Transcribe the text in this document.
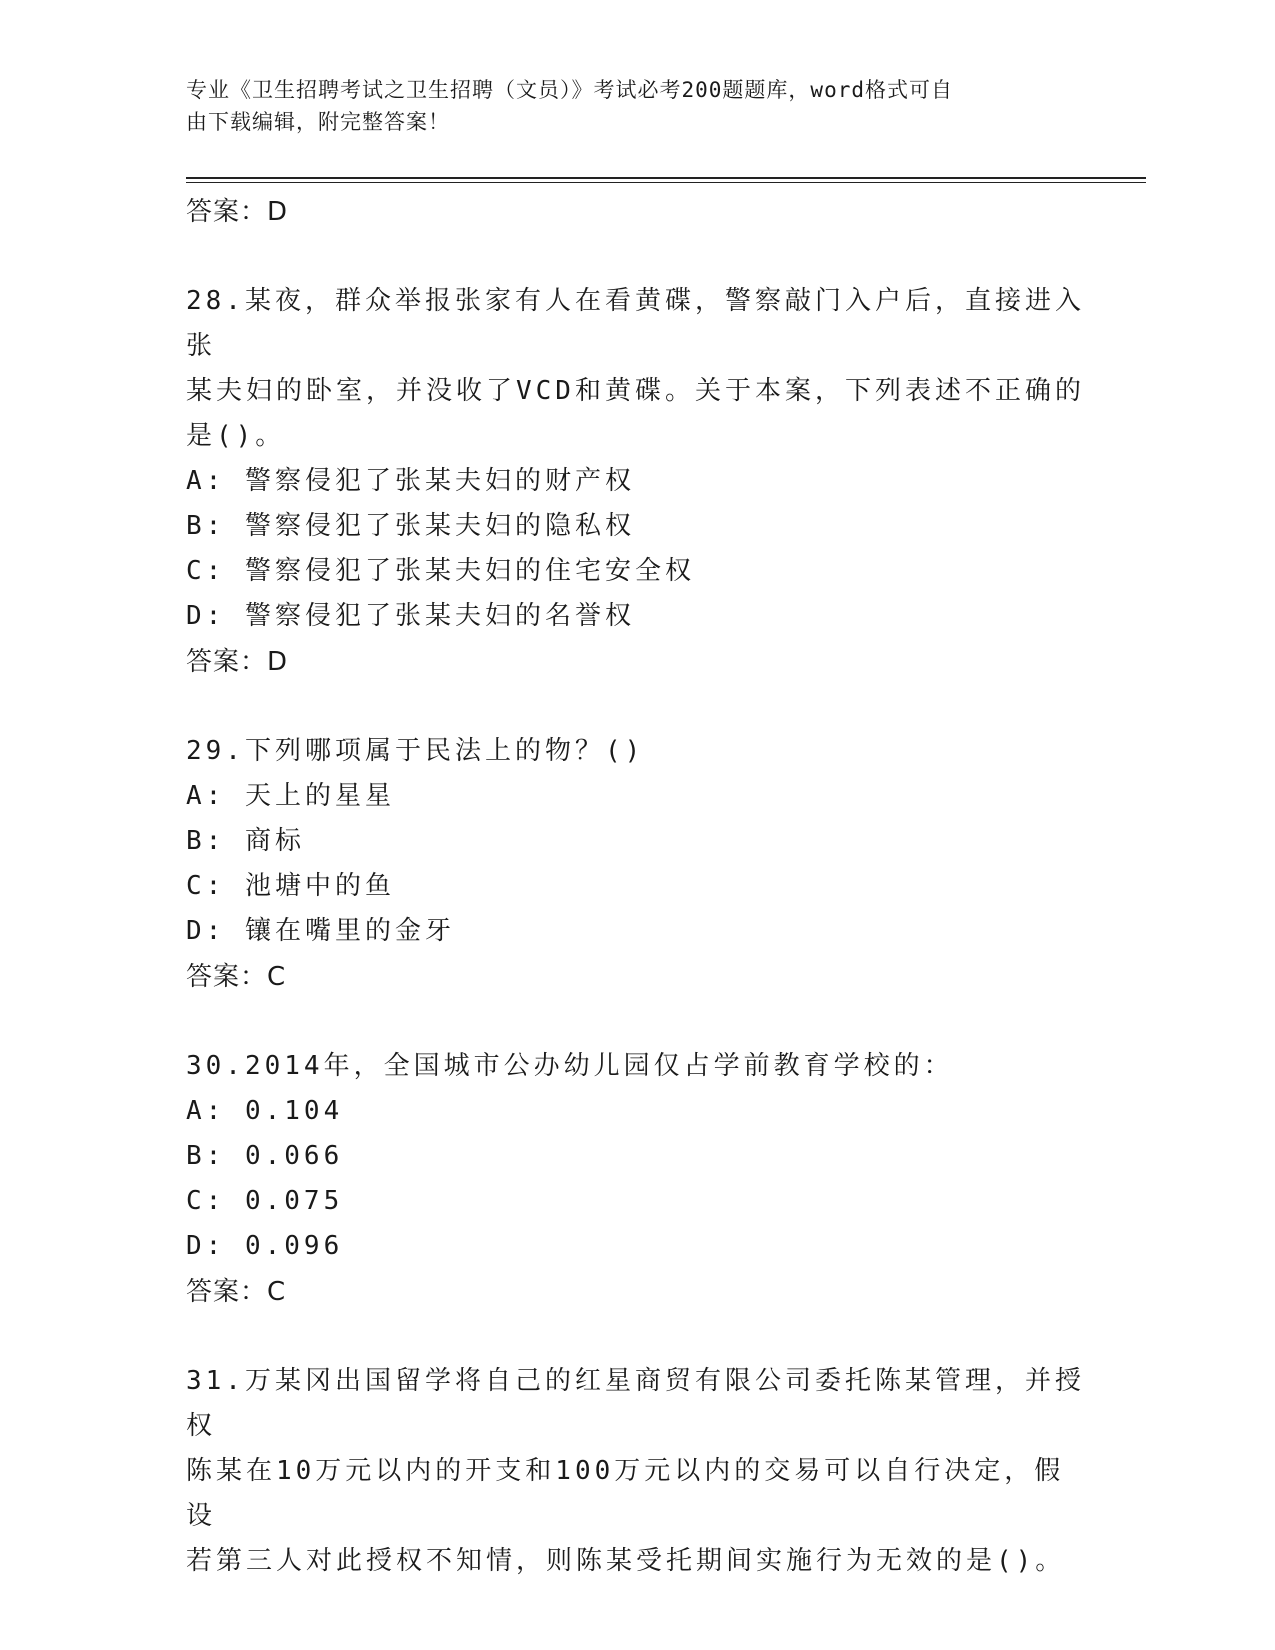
专业《卫生招聘考试之卫生招聘（文员）》考试必考200题题库，word格式可自
由下载编辑，附完整答案！
答案：D
28.某夜，群众举报张家有人在看黄碟，警察敲门入户后，直接进入张
某夫妇的卧室，并没收了VCD和黄碟。关于本案，下列表述不正确的
是()。
A: 警察侵犯了张某夫妇的财产权
B: 警察侵犯了张某夫妇的隐私权
C: 警察侵犯了张某夫妇的住宅安全权
D: 警察侵犯了张某夫妇的名誉权
答案：D
29.下列哪项属于民法上的物？()
A: 天上的星星
B: 商标
C: 池塘中的鱼
D: 镶在嘴里的金牙
答案：C
30.2014年，全国城市公办幼儿园仅占学前教育学校的：
A: 0.104
B: 0.066
C: 0.075
D: 0.096
答案：C
31.万某冈出国留学将自己的红星商贸有限公司委托陈某管理，并授权
陈某在10万元以内的开支和100万元以内的交易可以自行决定，假设
若第三人对此授权不知情，则陈某受托期间实施行为无效的是()。
